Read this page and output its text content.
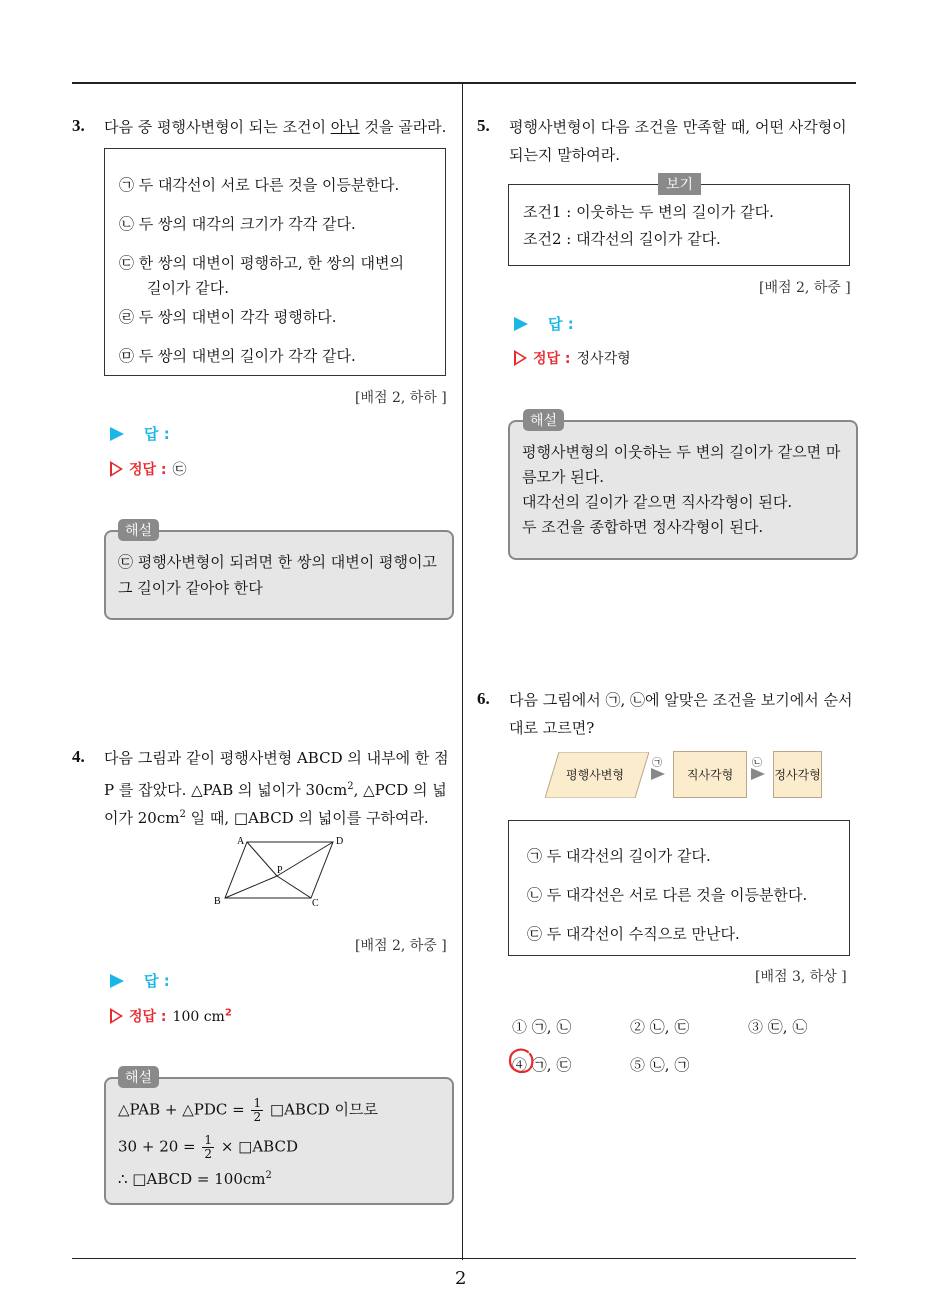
2
3. 다음 중 평행사변형이 되는 조건이 아닌 것을 골라라.
㉠ 두 대각선이 서로 다른 것을 이등분한다.
㉡ 두 쌍의 대각의 크기가 각각 같다.
㉢ 한 쌍의 대변이 평행하고, 한 쌍의 대변의
길이가 같다.
㉣ 두 쌍의 대변이 각각 평행하다.
㉤ 두 쌍의 대변의 길이가 각각 같다.
[배점 2, 하하 ]
답 :
정답 : ㉢
㉢ 평행사변형이 되려면 한 쌍의 대변이 평행이고
그 길이가 같아야 한다
해설
4. 다음 그림과 같이 평행사변형 ABCD 의 내부에 한 점
P 를 잡았다. △PAB 의 넓이가 $30cm^2$, △PCD 의 넓
이가 $20cm^2$ 일 때, □ABCD 의 넓이를 구하여라.
A	D
B	C
P
[배점 2, 하중 ]
답 :
정답 : 100 $cm^2$
△PAB + △PDC = $\frac{1}{2}$ □ABCD 이므로
$30 + 20 = \frac{1}{2}$ × □ABCD
∴ □ABCD = $100cm^2$
해설
5. 평행사변형이 다음 조건을 만족할 때, 어떤 사각형이
되는지 말하여라.
조건1 : 이웃하는 두 변의 길이가 같다.
조건2 : 대각선의 길이가 같다.
보기
[배점 2, 하중 ]
답 :
정답 : 정사각형
평행사변형의 이웃하는 두 변의 길이가 같으면 마
름모가 된다.
대각선의 길이가 같으면 직사각형이 된다.
두 조건을 종합하면 정사각형이 된다.
해설
6. 다음 그림에서 ㉠, ㉡에 알맞은 조건을 보기에서 순서
대로 고르면?
평행사변형
㉠
직사각형
㉡
정사각형
㉠ 두 대각선의 길이가 같다.
㉡ 두 대각선은 서로 다른 것을 이등분한다.
㉢ 두 대각선이 수직으로 만난다.
[배점 3, 하상 ]
① ㉠, ㉡	② ㉡, ㉢	③ ㉢, ㉡
④ ㉠, ㉢	⑤ ㉡, ㉠
